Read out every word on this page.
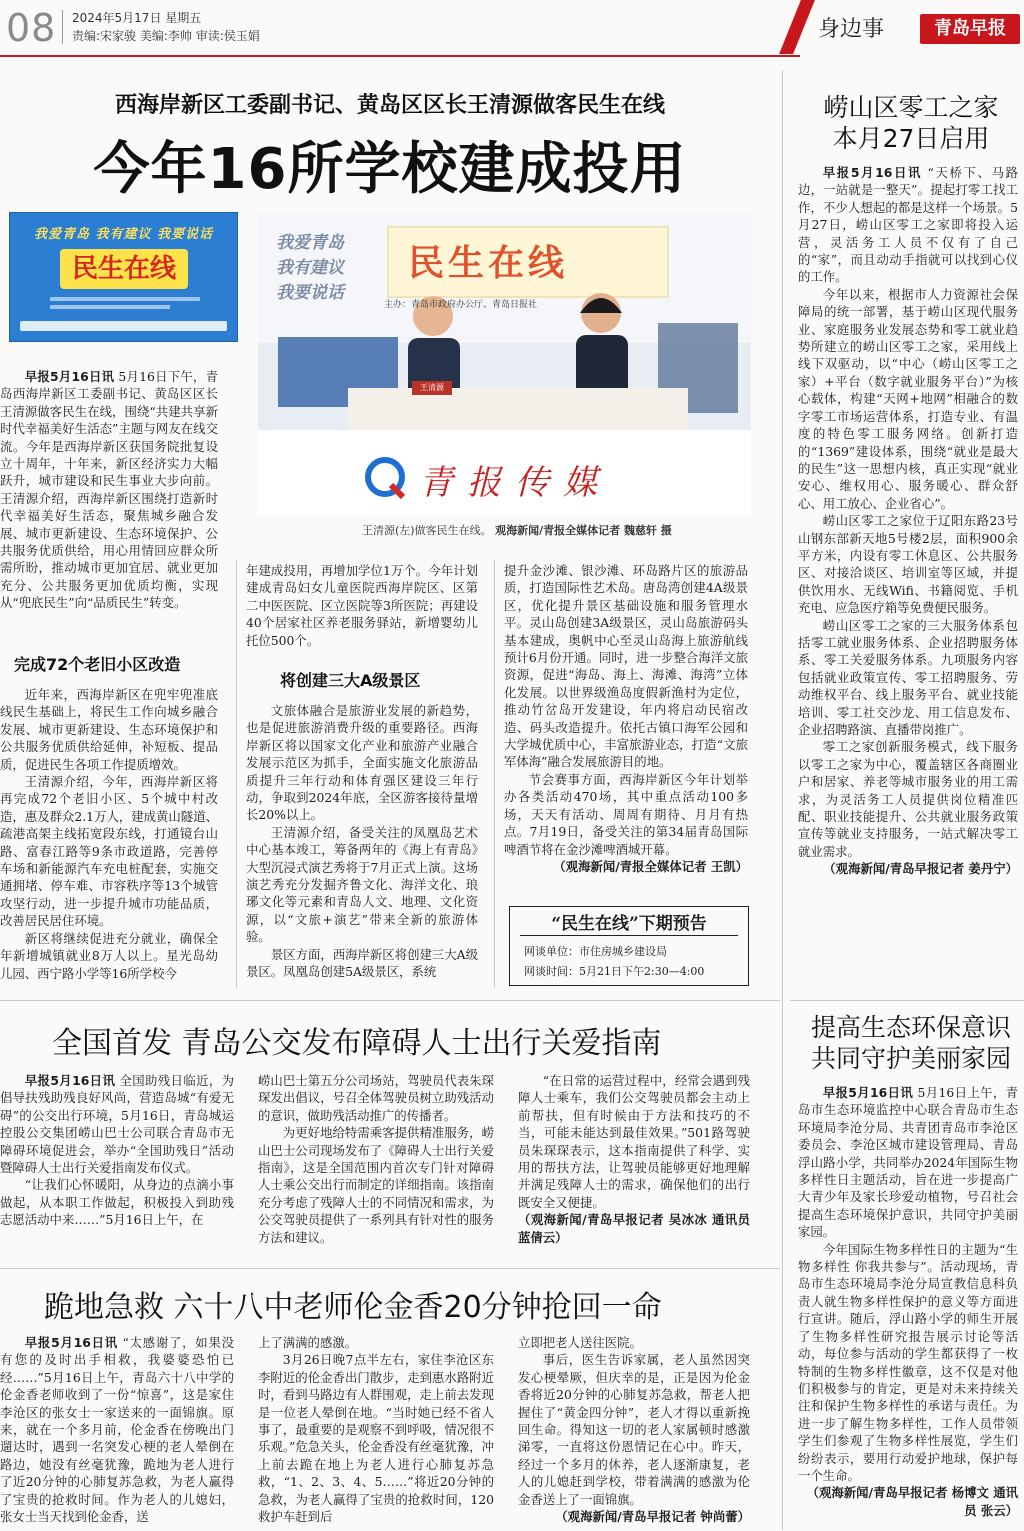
08 2024年5月17日 星期五
责编:宋家骏 美编:李帅 审读:侯玉娟	身边事	青岛早报
西海岸新区工委副书记、黄岛区区长王清源做客民生在线
今年16所学校建成投用
我爱青岛 我有建议 我要说话
民生在线
我爱青岛
我有建议
我要说话
民生在线
主办：青岛市政府办公厅、青岛日报社
王清源
青报传媒
王清源(左)做客民生在线。 观海新闻/青报全媒体记者 魏慈轩 摄

早报5月16日讯 5月16日下午，青岛西海岸新区工委副书记、黄岛区区长王清源做客民生在线，围绕“共建共享新时代幸福美好生活态”主题与网友在线交流。今年是西海岸新区获国务院批复设立十周年，十年来，新区经济实力大幅跃升，城市建设和民生事业大步向前。王清源介绍，西海岸新区围绕打造新时代幸福美好生活态，聚焦城乡融合发展、城市更新建设、生态环境保护、公共服务优质供给，用心用情回应群众所需所盼，推动城市更加宜居、就业更加充分、公共服务更加优质均衡，实现从“兜底民生”向“品质民生”转变。

完成72个老旧小区改造

近年来，西海岸新区在兜牢兜准底线民生基础上，将民生工作向城乡融合发展、城市更新建设、生态环境保护和公共服务优质供给延伸，补短板、提品质，促进民生各项工作提质增效。

王清源介绍，今年，西海岸新区将再完成72个老旧小区、5个城中村改造，惠及群众2.1万人，建成黄山隧道、疏港高架主线拓宽段东线，打通镜台山路、富春江路等9条市政道路，完善停车场和新能源汽车充电桩配套，实施交通拥堵、停车难、市容秩序等13个城管攻坚行动，进一步提升城市功能品质，改善居民居住环境。

新区将继续促进充分就业，确保全年新增城镇就业8万人以上。星光岛幼儿园、西宁路小学等16所学校今

年建成投用，再增加学位1万个。今年计划建成青岛妇女儿童医院西海岸院区、区第二中医医院、区立医院等3所医院；再建设40个居家社区养老服务驿站，新增婴幼儿托位500个。

将创建三大A级景区

文旅体融合是旅游业发展的新趋势，也是促进旅游消费升级的重要路径。西海岸新区将以国家文化产业和旅游产业融合发展示范区为抓手，全面实施文化旅游品质提升三年行动和体育强区建设三年行动，争取到2024年底，全区游客接待量增长20%以上。

王清源介绍，备受关注的凤凰岛艺术中心基本竣工，筹备两年的《海上有青岛》大型沉浸式演艺秀将于7月正式上演。这场演艺秀充分发掘齐鲁文化、海洋文化、琅琊文化等元素和青岛人文、地理、文化资源，以“文旅+演艺”带来全新的旅游体验。

景区方面，西海岸新区将创建三大A级景区。凤凰岛创建5A级景区，系统

提升金沙滩、银沙滩、环岛路片区的旅游品质，打造国际性艺术岛。唐岛湾创建4A级景区，优化提升景区基础设施和服务管理水平。灵山岛创建3A级景区，灵山岛旅游码头基本建成，奥帆中心至灵山岛海上旅游航线预计6月份开通。同时，进一步整合海洋文旅资源，促进“海岛、海上、海滩、海湾”立体化发展。以世界级渔岛度假新渔村为定位，推动竹岔岛开发建设，年内将启动民宿改造、码头改造提升。依托古镇口海军公园和大学城优质中心，丰富旅游业态，打造“文旅军体海”融合发展旅游目的地。

节会赛事方面，西海岸新区今年计划举办各类活动470场，其中重点活动100多场，天天有活动、周周有期待、月月有热点。7月19日，备受关注的第34届青岛国际啤酒节将在金沙滩啤酒城开幕。

（观海新闻/青报全媒体记者 王凯）

“民生在线”下期预告
网谈单位：市住房城乡建设局
网谈时间：5月21日下午2:30—4:00
崂山区零工之家
本月27日启用

早报5月16日讯 “天桥下、马路边，一站就是一整天”。提起打零工找工作，不少人想起的都是这样一个场景。5月27日，崂山区零工之家即将投入运营，灵活务工人员不仅有了自己的“家”，而且动动手指就可以找到心仪的工作。

今年以来，根据市人力资源社会保障局的统一部署，基于崂山区现代服务业、家庭服务业发展态势和零工就业趋势所建立的崂山区零工之家，采用线上线下双驱动，以“中心（崂山区零工之家）+平台（数字就业服务平台）”为核心载体，构建“天网+地网”相融合的数字零工市场运营体系，打造专业、有温度的特色零工服务网络。创新打造的“1369”建设体系，围绕“就业是最大的民生”这一思想内核，真正实现“就业安心、维权用心、服务暖心、群众舒心、用工放心、企业省心”。

崂山区零工之家位于辽阳东路23号山钢东部新天地5号楼2层，面积900余平方米，内设有零工休息区、公共服务区、对接洽谈区、培训室等区域，并提供饮用水、无线Wifi、书籍阅览、手机充电、应急医疗箱等免费便民服务。

崂山区零工之家的三大服务体系包括零工就业服务体系、企业招聘服务体系、零工关爱服务体系。九项服务内容包括就业政策宣传、零工招聘服务、劳动维权平台、线上服务平台、就业技能培训、零工社交沙龙、用工信息发布、企业招聘路演、直播带岗推广。

零工之家创新服务模式，线下服务以零工之家为中心，覆盖辖区各商圈业户和居家、养老等城市服务业的用工需求，为灵活务工人员提供岗位精准匹配、职业技能提升、公共就业服务政策宣传等就业支持服务，一站式解决零工就业需求。

（观海新闻/青岛早报记者 姜丹宁）

全国首发 青岛公交发布障碍人士出行关爱指南

早报5月16日讯 全国助残日临近，为倡导扶残助残良好风尚，营造岛城“有爱无碍”的公交出行环境，5月16日，青岛城运控股公交集团崂山巴士公司联合青岛市无障碍环境促进会，举办“全国助残日”活动暨障碍人士出行关爱指南发布仪式。

“让我们心怀暖阳，从身边的点滴小事做起，从本职工作做起，积极投入到助残志愿活动中来……”5月16日上午，在

崂山巴士第五分公司场站，驾驶员代表朱琛琛发出倡议，号召全体驾驶员树立助残活动的意识，做助残活动推广的传播者。

为更好地给特需乘客提供精准服务，崂山巴士公司现场发布了《障碍人士出行关爱指南》，这是全国范围内首次专门针对障碍人士乘公交出行而制定的详细指南。该指南充分考虑了残障人士的不同情况和需求，为公交驾驶员提供了一系列具有针对性的服务方法和建议。

“在日常的运营过程中，经常会遇到残障人士乘车，我们公交驾驶员都会主动上前帮扶，但有时候由于方法和技巧的不当，可能未能达到最佳效果。”501路驾驶员朱琛琛表示，这本指南提供了科学、实用的帮扶方法，让驾驶员能够更好地理解并满足残障人士的需求，确保他们的出行既安全又便捷。

（观海新闻/青岛早报记者 吴冰冰 通讯员 蓝倩云）

跪地急救 六十八中老师伦金香20分钟抢回一命

早报5月16日讯 “太感谢了，如果没有您的及时出手相救，我婆婆恐怕已经……”5月16日上午，青岛六十八中学的伦金香老师收到了一份“惊喜”，这是家住李沧区的张女士一家送来的一面锦旗。原来，就在一个多月前，伦金香在傍晚出门遛达时，遇到一名突发心梗的老人晕倒在路边，她没有丝毫犹豫，跪地为老人进行了近20分钟的心肺复苏急救，为老人赢得了宝贵的抢救时间。作为老人的儿媳妇，张女士当天找到伦金香，送

上了满满的感激。

3月26日晚7点半左右，家住李沧区东李附近的伦金香出门散步，走到惠水路附近时，看到马路边有人群围观，走上前去发现是一位老人晕倒在地。“当时她已经不省人事了，最重要的是观察不到呼吸，情况很不乐观。”危急关头，伦金香没有丝毫犹豫，冲上前去跪在地上为老人进行心肺复苏急救，“1、2、3、4、5……”将近20分钟的急救，为老人赢得了宝贵的抢救时间，120救护车赶到后

立即把老人送往医院。

事后，医生告诉家属，老人虽然因突发心梗晕厥，但庆幸的是，正是因为伦金香将近20分钟的心肺复苏急救，帮老人把握住了“黄金四分钟”，老人才得以重新挽回生命。得知这一切的老人家属顿时感激涕零，一直将这份恩情记在心中。昨天，经过一个多月的休养，老人逐渐康复，老人的儿媳赶到学校，带着满满的感激为伦金香送上了一面锦旗。

（观海新闻/青岛早报记者 钟尚蕾）

提高生态环保意识
共同守护美丽家园

早报5月16日讯 5月16日上午，青岛市生态环境监控中心联合青岛市生态环境局李沧分局、共青团青岛市李沧区委员会、李沧区城市建设管理局、青岛浮山路小学，共同举办2024年国际生物多样性日主题活动，旨在进一步提高广大青少年及家长珍爱动植物，号召社会提高生态环境保护意识，共同守护美丽家园。

今年国际生物多样性日的主题为“生物多样性 你我共参与”。活动现场，青岛市生态环境局李沧分局宣教信息科负责人就生物多样性保护的意义等方面进行宣讲。随后，浮山路小学的师生开展了生物多样性研究报告展示讨论等活动，每位参与活动的学生都获得了一枚特制的生物多样性徽章，这不仅是对他们积极参与的肯定，更是对未来持续关注和保护生物多样性的承诺与责任。为进一步了解生物多样性，工作人员带领学生们参观了生物多样性展览，学生们纷纷表示，要用行动爱护地球，保护每一个生命。

（观海新闻/青岛早报记者 杨博文 通讯员 张云）
